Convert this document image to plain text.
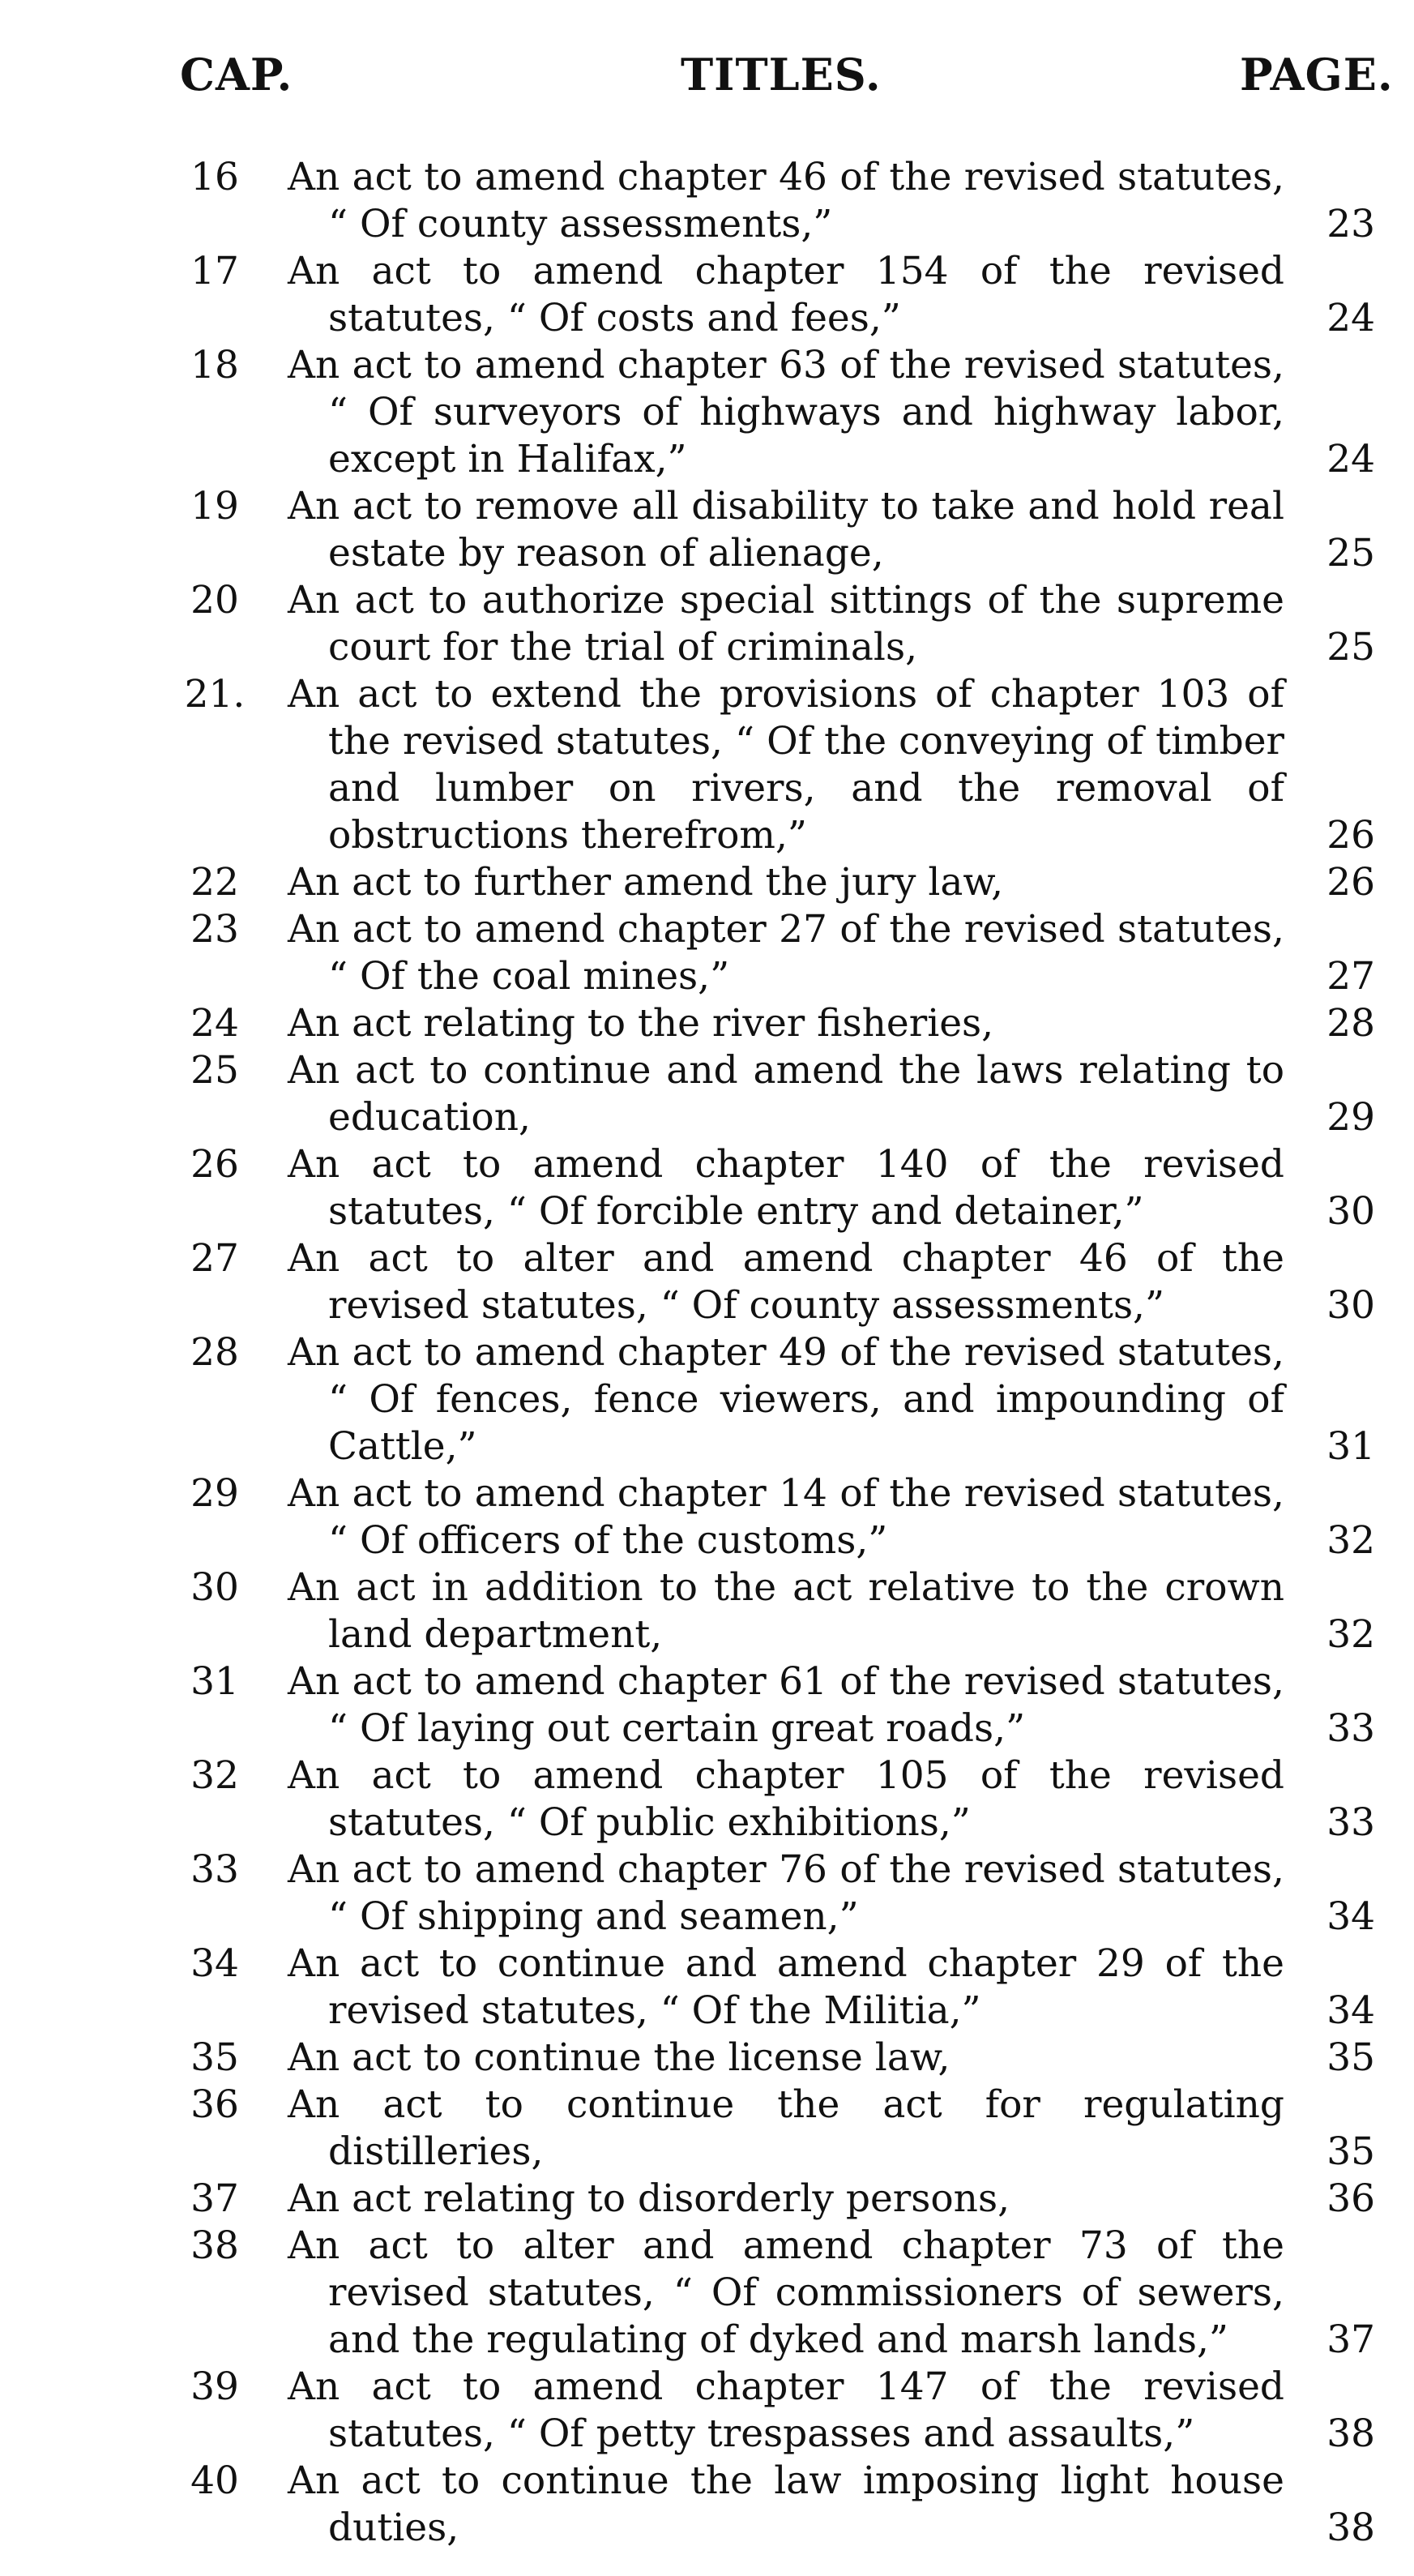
CAP.	TITLES.	PAGE.
16	An act to amend chapter 46 of the revised statutes, “ Of county assessments,”	23
17	An act to amend chapter 154 of the revised statutes, “ Of costs and fees,”	24
18	An act to amend chapter 63 of the revised statutes, “ Of surveyors of highways and highway labor, except in Halifax,”	24
19	An act to remove all disability to take and hold real estate by reason of alienage,	25
20	An act to authorize special sittings of the supreme court for the trial of criminals,	25
21. An act to extend the provisions of chapter 103 of the revised statutes, “ Of the conveying of timber and lumber on rivers, and the removal of obstructions therefrom,”	26
22	An act to further amend the jury law,	26
23	An act to amend chapter 27 of the revised statutes, “ Of the coal mines,”	27
24	An act relating to the river fisheries,	28
25	An act to continue and amend the laws relating to education,	29
26	An act to amend chapter 140 of the revised statutes, “ Of forcible entry and detainer,”	30
27	An act to alter and amend chapter 46 of the revised statutes, “ Of county assessments,”	30
28	An act to amend chapter 49 of the revised statutes, “ Of fences, fence viewers, and impounding of Cattle,”	31
29	An act to amend chapter 14 of the revised statutes, “ Of officers of the customs,”	32
30	An act in addition to the act relative to the crown land department,	32
31	An act to amend chapter 61 of the revised statutes, “ Of laying out certain great roads,”	33
32	An act to amend chapter 105 of the revised statutes, “ Of public exhibitions,”	33
33	An act to amend chapter 76 of the revised statutes, “ Of shipping and seamen,”	34
34	An act to continue and amend chapter 29 of the revised statutes, “ Of the Militia,”	34
35	An act to continue the license law,	35
36	An act to continue the act for regulating distilleries,	35
37	An act relating to disorderly persons,	36
38	An act to alter and amend chapter 73 of the revised statutes, “ Of commissioners of sewers, and the regulating of dyked and marsh lands,”	37
39	An act to amend chapter 147 of the revised statutes, “ Of petty trespasses and assaults,”	38
40	An act to continue the law imposing light house duties,	38
